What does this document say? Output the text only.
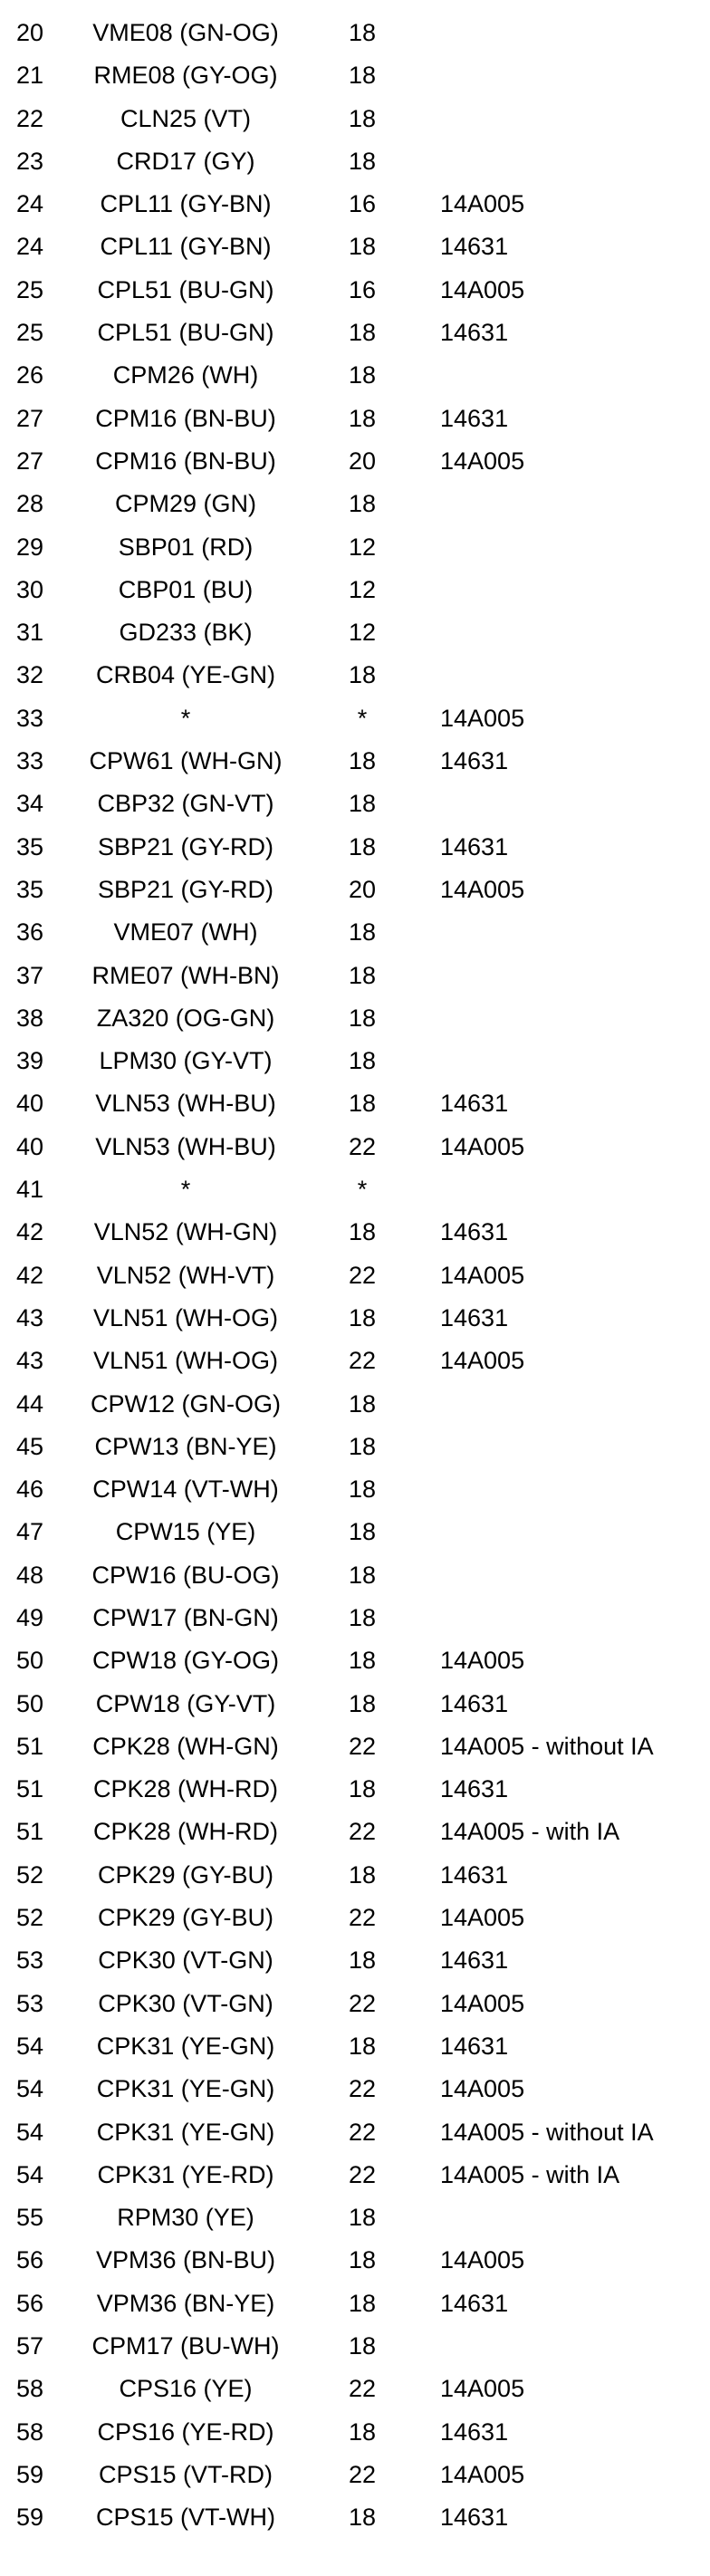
20	VME08 (GN-OG)	18
21	RME08 (GY-OG)	18
22	CLN25 (VT)	18
23	CRD17 (GY)	18
24	CPL11 (GY-BN)	16	14A005
24	CPL11 (GY-BN)	18	14631
25	CPL51 (BU-GN)	16	14A005
25	CPL51 (BU-GN)	18	14631
26	CPM26 (WH)	18
27	CPM16 (BN-BU)	18	14631
27	CPM16 (BN-BU)	20	14A005
28	CPM29 (GN)	18
29	SBP01 (RD)	12
30	CBP01 (BU)	12
31	GD233 (BK)	12
32	CRB04 (YE-GN)	18
33	*	*	14A005
33	CPW61 (WH-GN)	18	14631
34	CBP32 (GN-VT)	18
35	SBP21 (GY-RD)	18	14631
35	SBP21 (GY-RD)	20	14A005
36	VME07 (WH)	18
37	RME07 (WH-BN)	18
38	ZA320 (OG-GN)	18
39	LPM30 (GY-VT)	18
40	VLN53 (WH-BU)	18	14631
40	VLN53 (WH-BU)	22	14A005
41	*	*
42	VLN52 (WH-GN)	18	14631
42	VLN52 (WH-VT)	22	14A005
43	VLN51 (WH-OG)	18	14631
43	VLN51 (WH-OG)	22	14A005
44	CPW12 (GN-OG)	18
45	CPW13 (BN-YE)	18
46	CPW14 (VT-WH)	18
47	CPW15 (YE)	18
48	CPW16 (BU-OG)	18
49	CPW17 (BN-GN)	18
50	CPW18 (GY-OG)	18	14A005
50	CPW18 (GY-VT)	18	14631
51	CPK28 (WH-GN)	22	14A005 - without IA
51	CPK28 (WH-RD)	18	14631
51	CPK28 (WH-RD)	22	14A005 - with IA
52	CPK29 (GY-BU)	18	14631
52	CPK29 (GY-BU)	22	14A005
53	CPK30 (VT-GN)	18	14631
53	CPK30 (VT-GN)	22	14A005
54	CPK31 (YE-GN)	18	14631
54	CPK31 (YE-GN)	22	14A005
54	CPK31 (YE-GN)	22	14A005 - without IA
54	CPK31 (YE-RD)	22	14A005 - with IA
55	RPM30 (YE)	18
56	VPM36 (BN-BU)	18	14A005
56	VPM36 (BN-YE)	18	14631
57	CPM17 (BU-WH)	18
58	CPS16 (YE)	22	14A005
58	CPS16 (YE-RD)	18	14631
59	CPS15 (VT-RD)	22	14A005
59	CPS15 (VT-WH)	18	14631
